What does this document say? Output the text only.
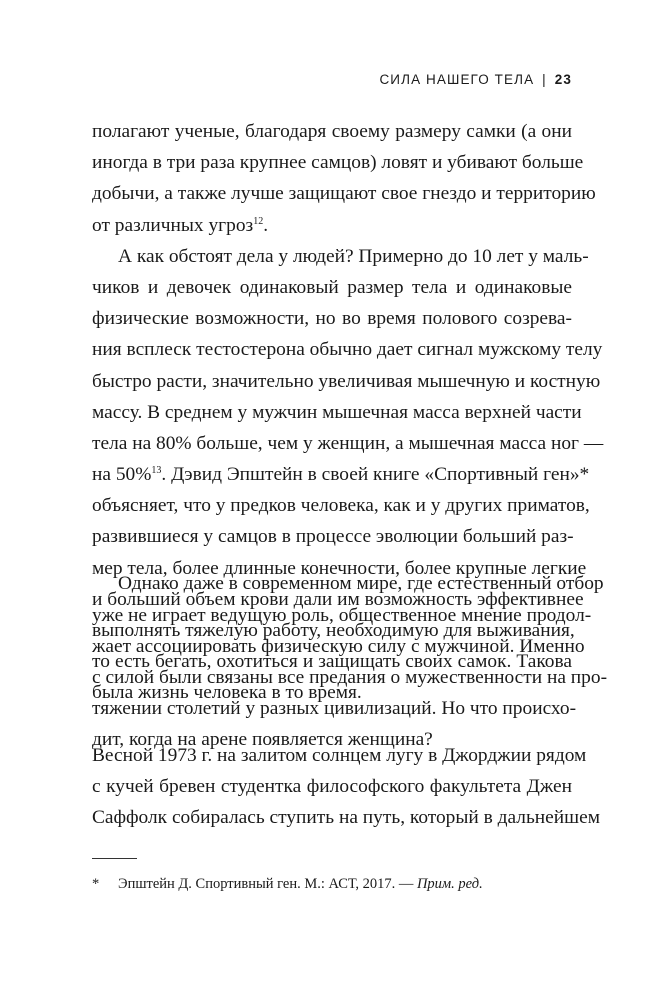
СИЛА НАШЕГО ТЕЛА | 23
полагают ученые, благодаря своему размеру самки (а они
иногда в три раза крупнее самцов) ловят и убивают больше
добычи, а также лучше защищают свое гнездо и территорию
от различных угроз$^{12}$.
А как обстоят дела у людей? Примерно до 10 лет у маль-
чиков и девочек одинаковый размер тела и одинаковые
физические возможности, но во время полового созрева-
ния всплеск тестостерона обычно дает сигнал мужскому телу
быстро расти, значительно увеличивая мышечную и костную
массу. В среднем у мужчин мышечная масса верхней части
тела на 80% больше, чем у женщин, а мышечная масса ног —
на 50%$^{13}$. Дэвид Эпштейн в своей книге «Спортивный ген»*
объясняет, что у предков человека, как и у других приматов,
развившиеся у самцов в процессе эволюции больший раз-
мер тела, более длинные конечности, более крупные легкие
и больший объем крови дали им возможность эффективнее
выполнять тяжелую работу, необходимую для выживания,
то есть бегать, охотиться и защищать своих самок. Такова
была жизнь человека в то время.
Однако даже в современном мире, где естественный отбор
уже не играет ведущую роль, общественное мнение продол-
жает ассоциировать физическую силу с мужчиной. Именно
с силой были связаны все предания о мужественности на про-
тяжении столетий у разных цивилизаций. Но что происхо-
дит, когда на арене появляется женщина?
Весной 1973 г. на залитом солнцем лугу в Джорджии рядом
с кучей бревен студентка философского факультета Джен
Саффолк собиралась ступить на путь, который в дальнейшем
* Эпштейн Д. Спортивный ген. М.: АСТ, 2017. — Прим. ред.
